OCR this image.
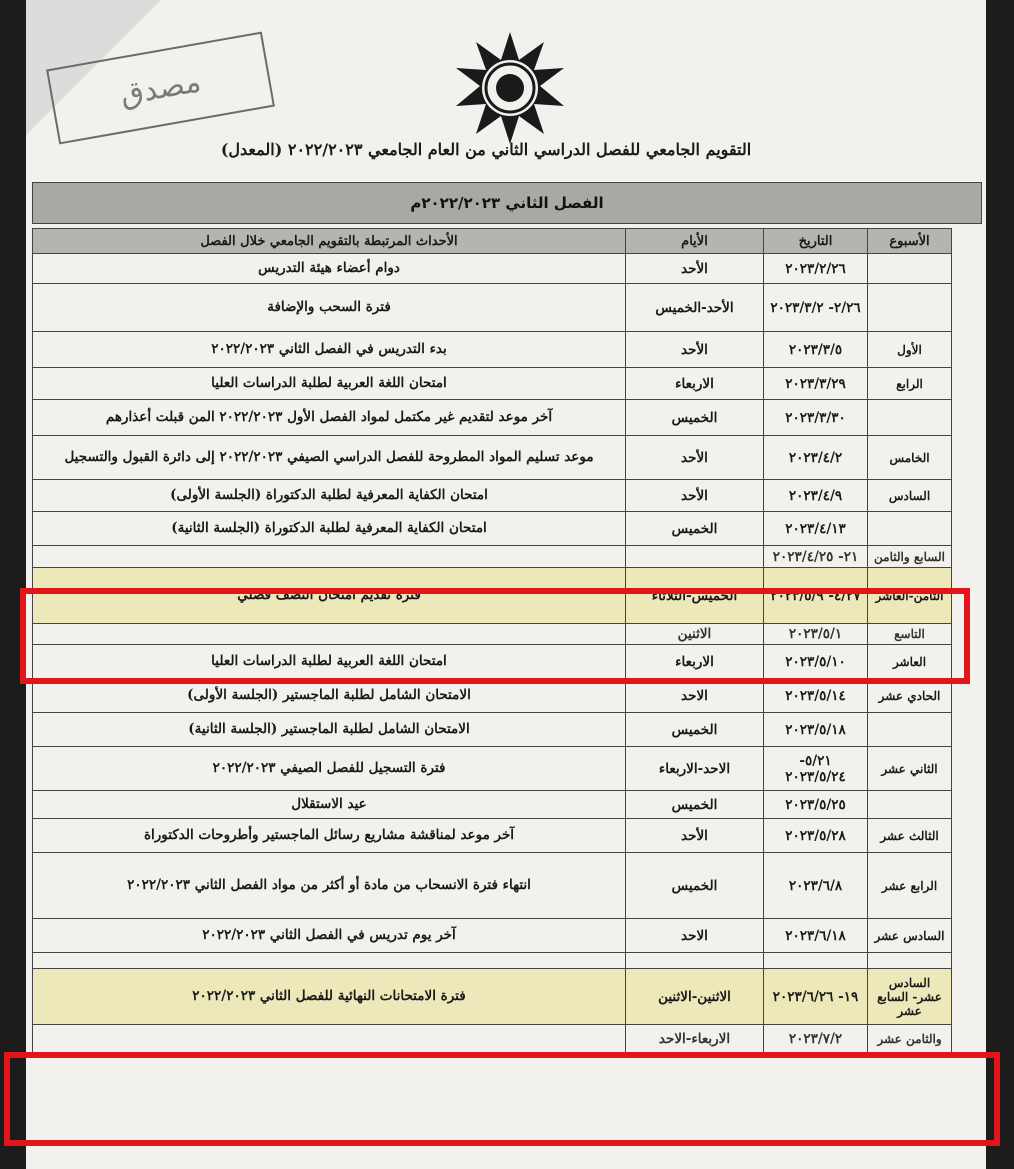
مصدق
التقويم الجامعي للفصل الدراسي الثاني من العام الجامعي ٢٠٢٢/٢٠٢٣ (المعدل)
الفصل الثاني ٢٠٢٢/٢٠٢٣م
الأسبوع	التاريخ	الأيام	الأحداث المرتبطة بالتقويم الجامعي خلال الفصل
	٢٠٢٣/٢/٢٦	الأحد	دوام أعضاء هيئة التدريس
	٢/٢٦- ٢٠٢٣/٣/٢	الأحد-الخميس	فترة السحب والإضافة
الأول	٢٠٢٣/٣/٥	الأحد	بدء التدريس في الفصل الثاني ٢٠٢٢/٢٠٢٣
الرابع	٢٠٢٣/٣/٢٩	الاربعاء	امتحان اللغة العربية لطلبة الدراسات العليا
	٢٠٢٣/٣/٣٠	الخميس	آخر موعد لتقديم غير مكتمل لمواد الفصل الأول ٢٠٢٢/٢٠٢٣ المن قبلت أعذارهم
الخامس	٢٠٢٣/٤/٢	الأحد	موعد تسليم المواد المطروحة للفصل الدراسي الصيفي ٢٠٢٢/٢٠٢٣ إلى دائرة القبول والتسجيل
السادس	٢٠٢٣/٤/٩	الأحد	امتحان الكفاية المعرفية لطلبة الدكتوراة (الجلسة الأولى)
	٢٠٢٣/٤/١٣	الخميس	امتحان الكفاية المعرفية لطلبة الدكتوراة (الجلسة الثانية)
السابع والثامن	٢١- ٢٠٢٣/٤/٢٥		
الثامن-العاشر	٤/٢٧- ٢٠٢٣/٥/٩	الخميس-الثلاثاء	فترة تقديم امتحان النصف فصلي
التاسع	٢٠٢٣/٥/١	الاثنين	
العاشر	٢٠٢٣/٥/١٠	الاربعاء	امتحان اللغة العربية لطلبة الدراسات العليا
الحادي عشر	٢٠٢٣/٥/١٤	الاحد	الامتحان الشامل لطلبة الماجستير (الجلسة الأولى)
	٢٠٢٣/٥/١٨	الخميس	الامتحان الشامل لطلبة الماجستير (الجلسة الثانية)
الثاني عشر	٥/٢١- ٢٠٢٣/٥/٢٤	الاحد-الاربعاء	فترة التسجيل للفصل الصيفي ٢٠٢٢/٢٠٢٣
	٢٠٢٣/٥/٢٥	الخميس	عيد الاستقلال
الثالث عشر	٢٠٢٣/٥/٢٨	الأحد	آخر موعد لمناقشة مشاريع رسائل الماجستير وأطروحات الدكتوراة
الرابع عشر	٢٠٢٣/٦/٨	الخميس	انتهاء فترة الانسحاب من مادة أو أكثر من مواد الفصل الثاني ٢٠٢٢/٢٠٢٣
السادس عشر	٢٠٢٣/٦/١٨	الاحد	آخر يوم تدريس في الفصل الثاني ٢٠٢٢/٢٠٢٣

السادس عشر- السابع عشر	١٩- ٢٠٢٣/٦/٢٦	الاثنين-الاثنين	فترة الامتحانات النهائية للفصل الثاني ٢٠٢٢/٢٠٢٣
والثامن عشر	٢٠٢٣/٧/٢	الاربعاء-الاحد	
